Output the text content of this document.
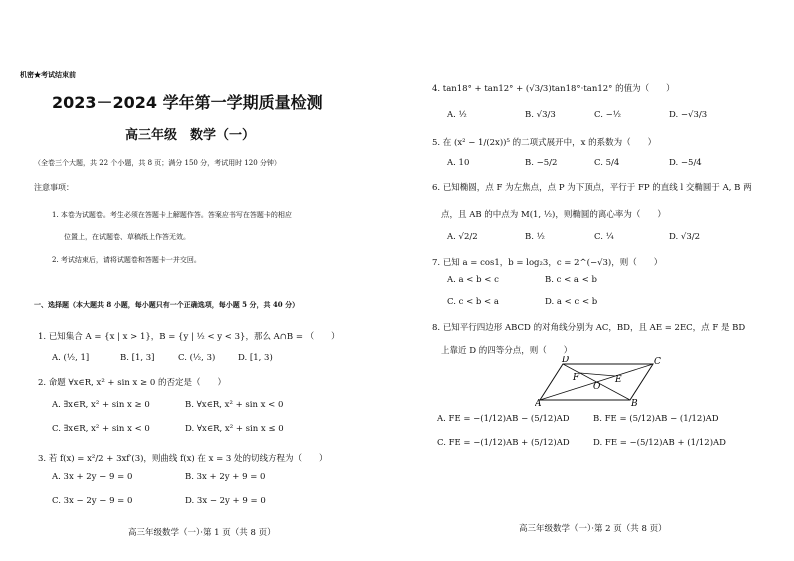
机密★考试结束前
2023－2024 学年第一学期质量检测
高三年级　数学（一）
（全卷三个大题，共 22 个小题，共 8 页；满分 150 分，考试用时 120 分钟）
注意事项：
1. 本卷为试题卷。考生必须在答题卡上解题作答。答案应书写在答题卡的相应
位置上，在试题卷、草稿纸上作答无效。
2. 考试结束后，请将试题卷和答题卡一并交回。
一、选择题（本大题共 8 小题，每小题只有一个正确选项，每小题 5 分，共 40 分）
1. 已知集合 A = {x | x > 1}，B = {y | ½ < y < 3}，那么 A∩B = （　　）
A. (½, 1]	B. [1, 3]	C. (½, 3)	D. [1, 3)
2. 命题 ∀x∈R, x² + sin x ≥ 0 的否定是（　　）
A. ∃x∈R, x² + sin x ≥ 0	B. ∀x∈R, x² + sin x < 0
C. ∃x∈R, x² + sin x < 0	D. ∀x∈R, x² + sin x ≤ 0
3. 若 f(x) = x²/2 + 3xf′(3)，则曲线 f(x) 在 x = 3 处的切线方程为（　　）
A. 3x + 2y − 9 = 0	B. 3x + 2y + 9 = 0
C. 3x − 2y − 9 = 0	D. 3x − 2y + 9 = 0
高三年级数学（一）·第 1 页（共 8 页）
4. tan18° + tan12° + (√3/3)tan18°·tan12° 的值为（　　）
A. ½	B. √3/3	C. −½	D. −√3/3
5. 在 (x² − 1/(2x))⁵ 的二项式展开中，x 的系数为（　　）
A. 10	B. −5/2	C. 5/4	D. −5/4
6. 已知椭圆，点 F 为左焦点，点 P 为下顶点，平行于 FP 的直线 l 交椭圆于 A, B 两
点，且 AB 的中点为 M(1, ½)，则椭圆的离心率为（　　）
A. √2/2	B. ½	C. ¼	D. √3/2
7. 已知 a = cos1，b = log₂3，c = 2^(−√3)，则（　　）
A. a < b < c	B. c < a < b
C. c < b < a	D. a < c < b
8. 已知平行四边形 ABCD 的对角线分别为 AC，BD，且 AE = 2EC，点 F 是 BD
上靠近 D 的四等分点，则（　　）
D	C
F
O
E
A	B
A. FE = −(1/12)AB − (5/12)AD	B. FE = (5/12)AB − (1/12)AD
C. FE = −(1/12)AB + (5/12)AD	D. FE = −(5/12)AB + (1/12)AD
高三年级数学（一）·第 2 页（共 8 页）
